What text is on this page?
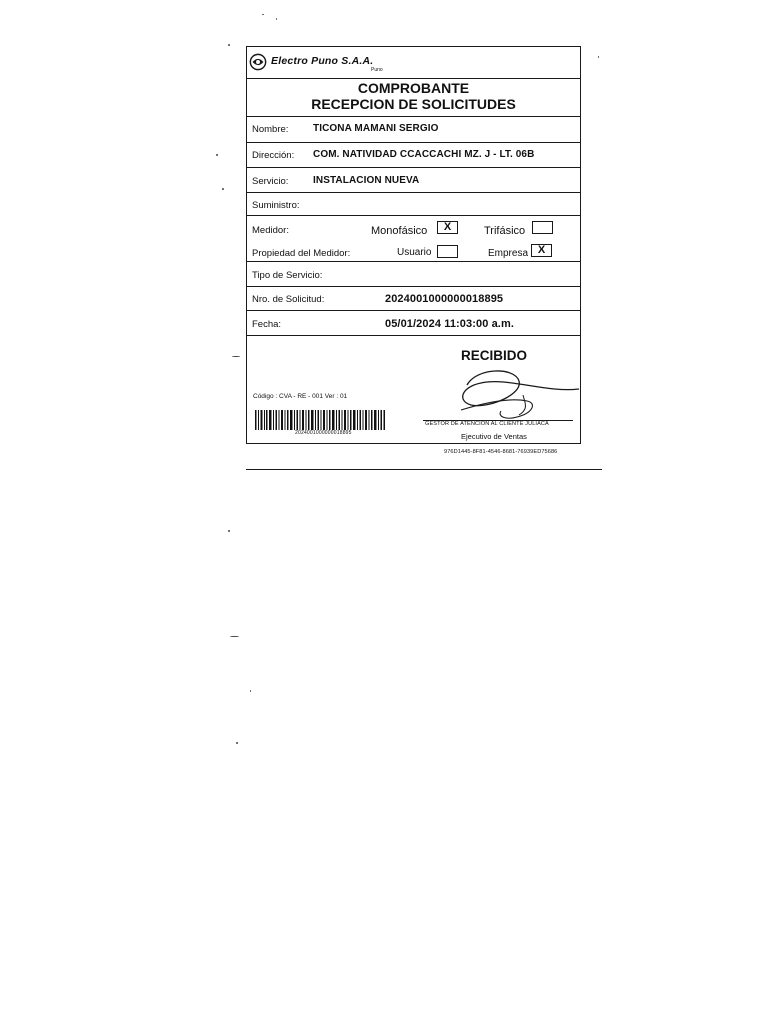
Electro Puno S.A.A.
Puno
COMPROBANTE
RECEPCION DE SOLICITUDES
Nombre: TICONA MAMANI SERGIO
Dirección: COM. NATIVIDAD CCACCACHI MZ. J - LT. 06B
Servicio: INSTALACION NUEVA
Suministro:
Medidor:	Monofásico	X	Trifásico
Propiedad del Medidor:	Usuario	Empresa X
Tipo de Servicio:
Nro. de Solicitud:	2024001000000018895
Fecha:	05/01/2024 11:03:00 a.m.
RECIBIDO
Código : CVA - RE - 001 Ver : 01
2024001000000018895
GESTOR DE ATENCION AL CLIENTE JULIACA
Ejecutivo de Ventas
976D1445-8F81-4546-8681-76939ED75686
